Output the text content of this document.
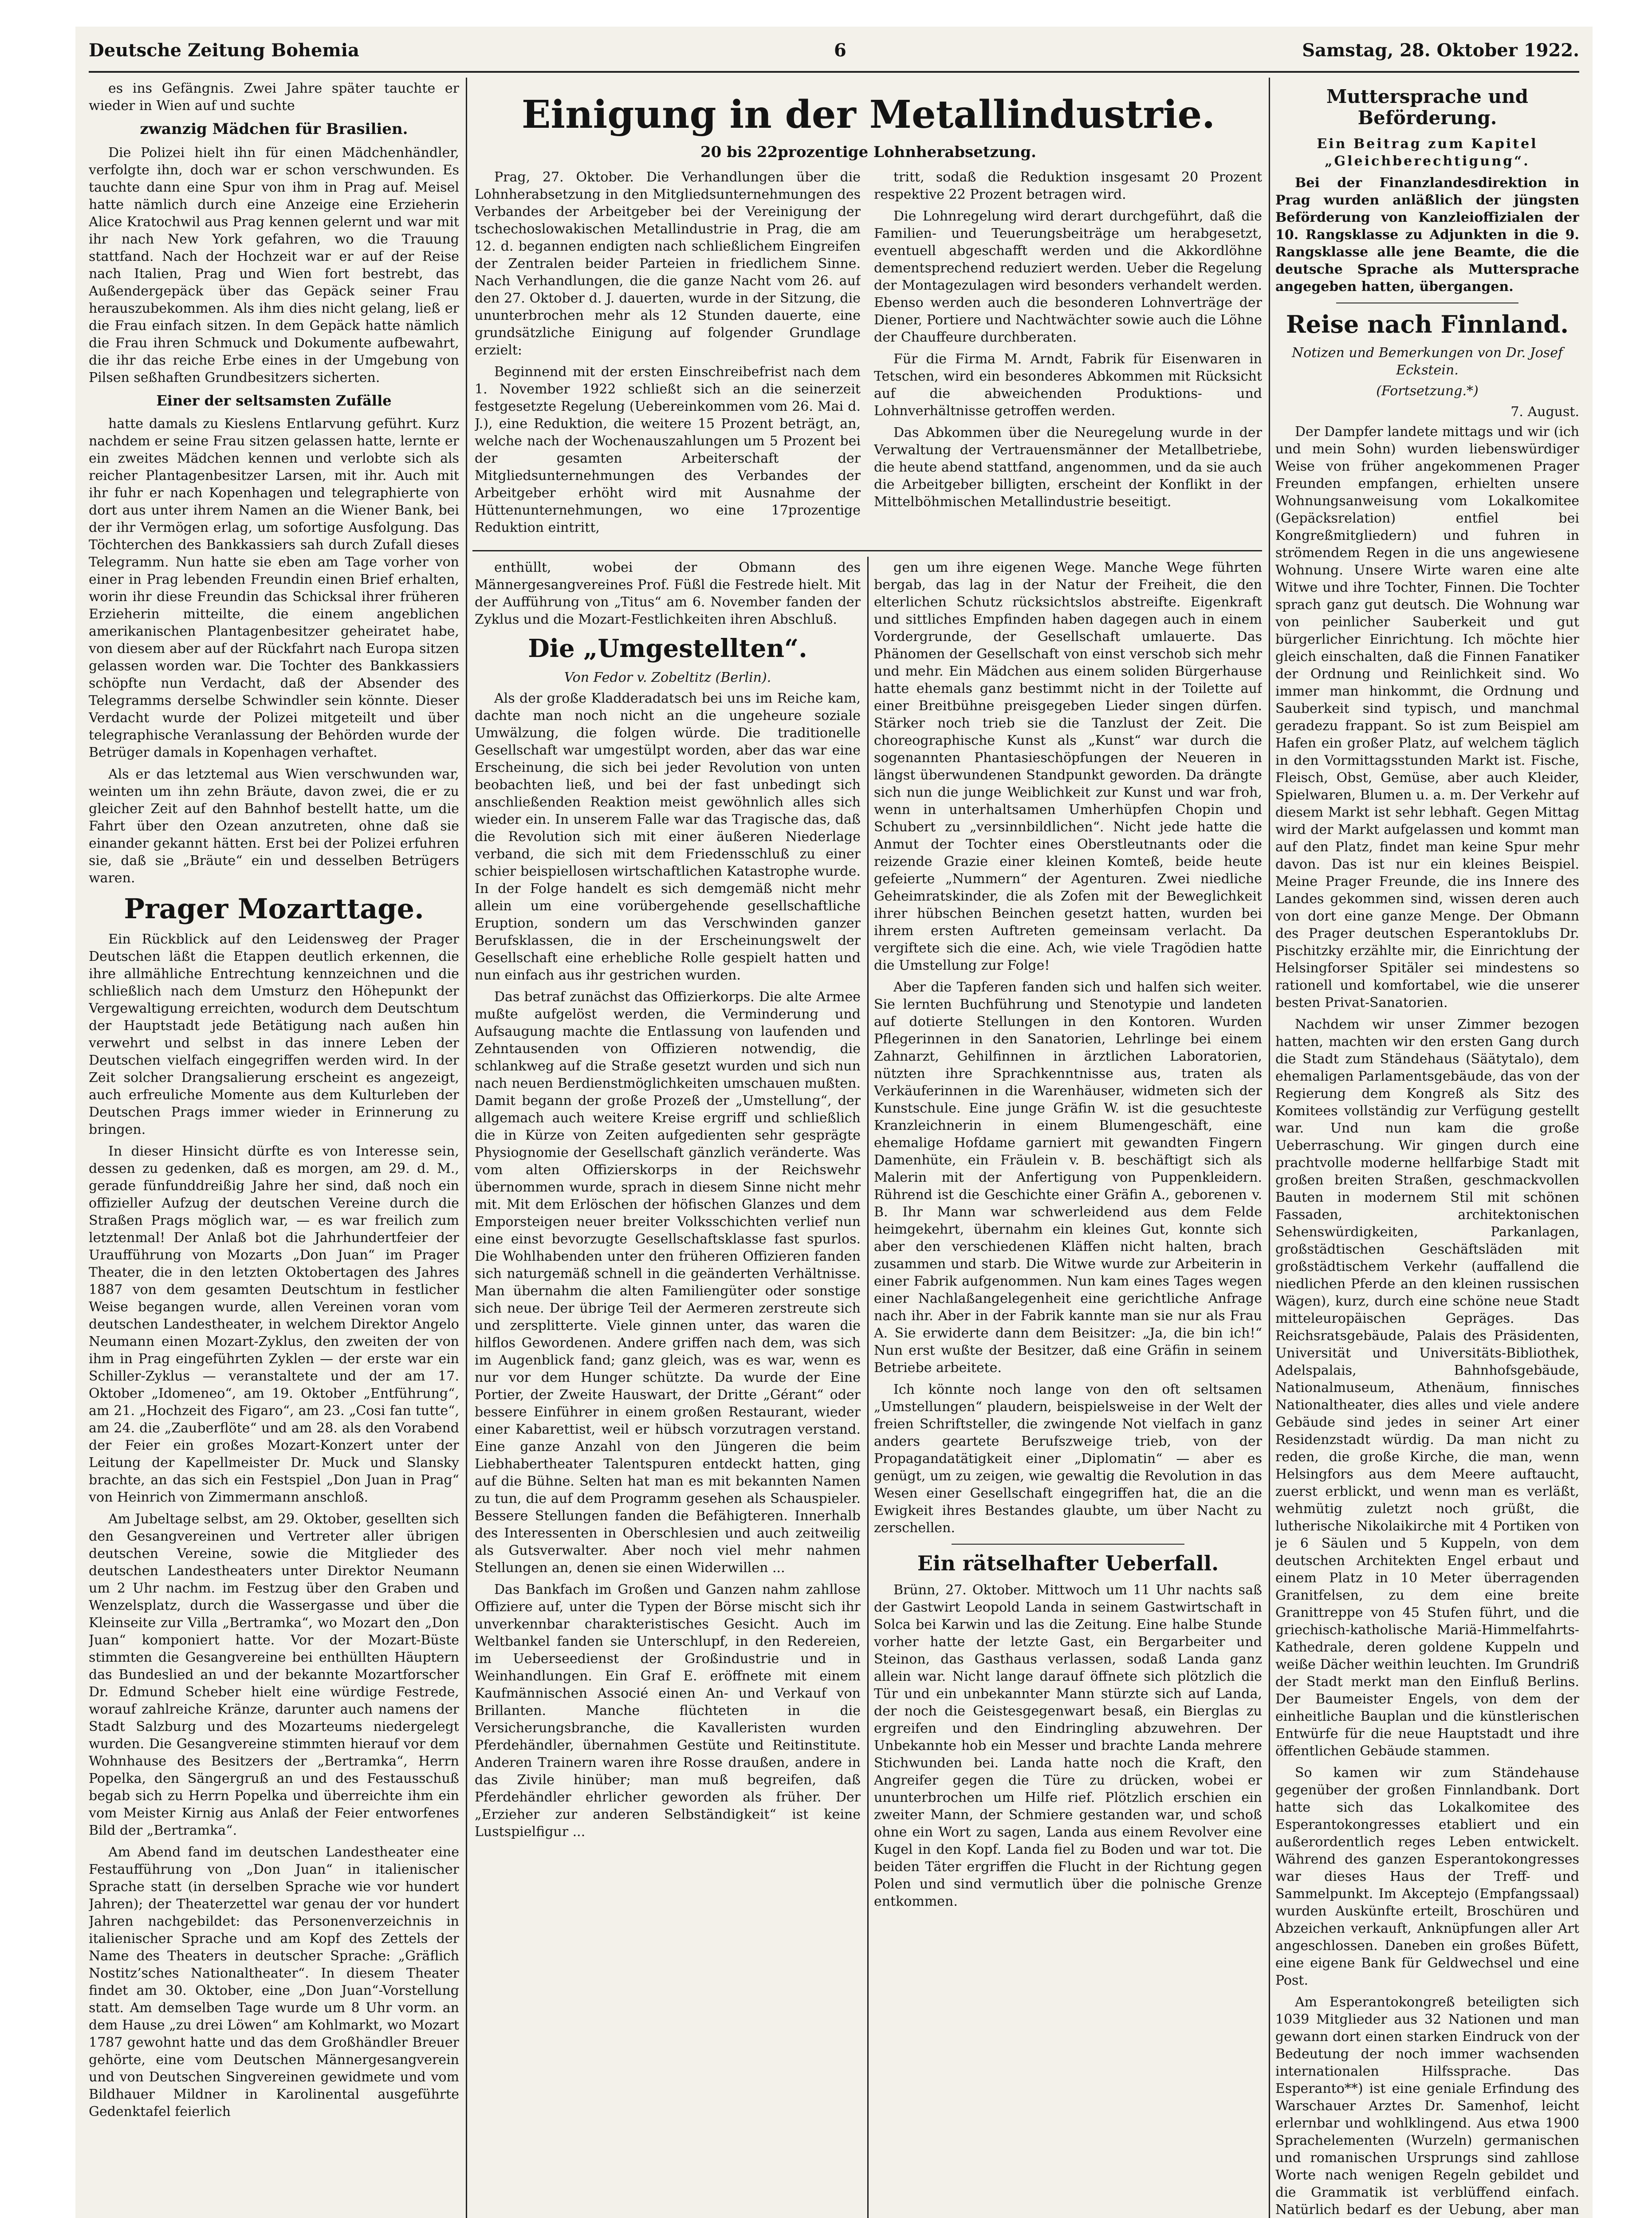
Deutsche Zeitung Bohemia	6	Samstag, 28. Oktober 1922.

es ins Gefängnis. Zwei Jahre später tauchte er wieder in Wien auf und suchte

zwanzig Mädchen für Brasilien.

Die Polizei hielt ihn für einen Mädchenhändler, verfolgte ihn, doch war er schon verschwunden. Es tauchte dann eine Spur von ihm in Prag auf. Meisel hatte nämlich durch eine Anzeige eine Erzieherin Alice Kratochwil aus Prag kennen gelernt und war mit ihr nach New York gefahren, wo die Trauung stattfand. Nach der Hochzeit war er auf der Reise nach Italien, Prag und Wien fort bestrebt, das Außendergepäck über das Gepäck seiner Frau herauszubekommen. Als ihm dies nicht gelang, ließ er die Frau einfach sitzen. In dem Gepäck hatte nämlich die Frau ihren Schmuck und Dokumente aufbewahrt, die ihr das reiche Erbe eines in der Umgebung von Pilsen seßhaften Grundbesitzers sicherten.

Einer der seltsamsten Zufälle

hatte damals zu Kieslens Entlarvung geführt. Kurz nachdem er seine Frau sitzen gelassen hatte, lernte er ein zweites Mädchen kennen und verlobte sich als reicher Plantagenbesitzer Larsen, mit ihr. Auch mit ihr fuhr er nach Kopenhagen und telegraphierte von dort aus unter ihrem Namen an die Wiener Bank, bei der ihr Vermögen erlag, um sofortige Ausfolgung. Das Töchterchen des Bankkassiers sah durch Zufall dieses Telegramm. Nun hatte sie eben am Tage vorher von einer in Prag lebenden Freundin einen Brief erhalten, worin ihr diese Freundin das Schicksal ihrer früheren Erzieherin mitteilte, die einem angeblichen amerikanischen Plantagenbesitzer geheiratet habe, von diesem aber auf der Rückfahrt nach Europa sitzen gelassen worden war. Die Tochter des Bankkassiers schöpfte nun Verdacht, daß der Absender des Telegramms derselbe Schwindler sein könnte. Dieser Verdacht wurde der Polizei mitgeteilt und über telegraphische Veranlassung der Behörden wurde der Betrüger damals in Kopenhagen verhaftet.

Als er das letztemal aus Wien verschwunden war, weinten um ihn zehn Bräute, davon zwei, die er zu gleicher Zeit auf den Bahnhof bestellt hatte, um die Fahrt über den Ozean anzutreten, ohne daß sie einander gekannt hätten. Erst bei der Polizei erfuhren sie, daß sie „Bräute“ ein und desselben Betrügers waren.

Prager Mozarttage.

Ein Rückblick auf den Leidensweg der Prager Deutschen läßt die Etappen deutlich erkennen, die ihre allmähliche Entrechtung kennzeichnen und die schließlich nach dem Umsturz den Höhepunkt der Vergewaltigung erreichten, wodurch dem Deutschtum der Hauptstadt jede Betätigung nach außen hin verwehrt und selbst in das innere Leben der Deutschen vielfach eingegriffen werden wird. In der Zeit solcher Drangsalierung erscheint es angezeigt, auch erfreuliche Momente aus dem Kulturleben der Deutschen Prags immer wieder in Erinnerung zu bringen.

In dieser Hinsicht dürfte es von Interesse sein, dessen zu gedenken, daß es morgen, am 29. d. M., gerade fünfunddreißig Jahre her sind, daß noch ein offizieller Aufzug der deutschen Vereine durch die Straßen Prags möglich war, — es war freilich zum letztenmal! Der Anlaß bot die Jahrhundertfeier der Uraufführung von Mozarts „Don Juan“ im Prager Theater, die in den letzten Oktobertagen des Jahres 1887 von dem gesamten Deutschtum in festlicher Weise begangen wurde, allen Vereinen voran vom deutschen Landestheater, in welchem Direktor Angelo Neumann einen Mozart-Zyklus, den zweiten der von ihm in Prag eingeführten Zyklen — der erste war ein Schiller-Zyklus — veranstaltete und der am 17. Oktober „Idomeneo“, am 19. Oktober „Entführung“, am 21. „Hochzeit des Figaro“, am 23. „Cosi fan tutte“, am 24. die „Zauberflöte“ und am 28. als den Vorabend der Feier ein großes Mozart-Konzert unter der Leitung der Kapellmeister Dr. Muck und Slansky brachte, an das sich ein Festspiel „Don Juan in Prag“ von Heinrich von Zimmermann anschloß.

Am Jubeltage selbst, am 29. Oktober, gesellten sich den Gesangvereinen und Vertreter aller übrigen deutschen Vereine, sowie die Mitglieder des deutschen Landestheaters unter Direktor Neumann um 2 Uhr nachm. im Festzug über den Graben und Wenzelsplatz, durch die Wassergasse und über die Kleinseite zur Villa „Bertramka“, wo Mozart den „Don Juan“ komponiert hatte. Vor der Mozart-Büste stimmten die Gesangvereine bei enthüllten Häuptern das Bundeslied an und der bekannte Mozartforscher Dr. Edmund Scheber hielt eine würdige Festrede, worauf zahlreiche Kränze, darunter auch namens der Stadt Salzburg und des Mozarteums niedergelegt wurden. Die Gesangvereine stimmten hierauf vor dem Wohnhause des Besitzers der „Bertramka“, Herrn Popelka, den Sängergruß an und des Festausschuß begab sich zu Herrn Popelka und überreichte ihm ein vom Meister Kirnig aus Anlaß der Feier entworfenes Bild der „Bertramka“.

Am Abend fand im deutschen Landestheater eine Festaufführung von „Don Juan“ in italienischer Sprache statt (in derselben Sprache wie vor hundert Jahren); der Theaterzettel war genau der vor hundert Jahren nachgebildet: das Personenverzeichnis in italienischer Sprache und am Kopf des Zettels der Name des Theaters in deutscher Sprache: „Gräflich Nostitz’sches Nationaltheater“. In diesem Theater findet am 30. Oktober, eine „Don Juan“-Vorstellung statt. Am demselben Tage wurde um 8 Uhr vorm. an dem Hause „zu drei Löwen“ am Kohlmarkt, wo Mozart 1787 gewohnt hatte und das dem Großhändler Breuer gehörte, eine vom Deutschen Männergesangverein und von Deutschen Singvereinen gewidmete und vom Bildhauer Mildner in Karolinental ausgeführte Gedenktafel feierlich

Einigung in der Metallindustrie.
20 bis 22prozentige Lohnherabsetzung.

Prag, 27. Oktober. Die Verhandlungen über die Lohnherabsetzung in den Mitgliedsunternehmungen des Verbandes der Arbeitgeber bei der Vereinigung der tschechoslowakischen Metallindustrie in Prag, die am 12. d. begannen endigten nach schließlichem Eingreifen der Zentralen beider Parteien in friedlichem Sinne. Nach Verhandlungen, die die ganze Nacht vom 26. auf den 27. Oktober d. J. dauerten, wurde in der Sitzung, die ununterbrochen mehr als 12 Stunden dauerte, eine grundsätzliche Einigung auf folgender Grundlage erzielt:

Beginnend mit der ersten Einschreibefrist nach dem 1. November 1922 schließt sich an die seinerzeit festgesetzte Regelung (Uebereinkommen vom 26. Mai d. J.), eine Reduktion, die weitere 15 Prozent beträgt, an, welche nach der Wochenauszahlungen um 5 Prozent bei der gesamten Arbeiterschaft der Mitgliedsunternehmungen des Verbandes der Arbeitgeber erhöht wird mit Ausnahme der Hüttenunternehmungen, wo eine 17prozentige Reduktion eintritt,

tritt, sodaß die Reduktion insgesamt 20 Prozent respektive 22 Prozent betragen wird.

Die Lohnregelung wird derart durchgeführt, daß die Familien- und Teuerungsbeiträge um herabgesetzt, eventuell abgeschafft werden und die Akkordlöhne dementsprechend reduziert werden. Ueber die Regelung der Montagezulagen wird besonders verhandelt werden. Ebenso werden auch die besonderen Lohnverträge der Diener, Portiere und Nachtwächter sowie auch die Löhne der Chauffeure durchberaten.

Für die Firma M. Arndt, Fabrik für Eisenwaren in Tetschen, wird ein besonderes Abkommen mit Rücksicht auf die abweichenden Produktions- und Lohnverhältnisse getroffen werden.

Das Abkommen über die Neuregelung wurde in der Verwaltung der Vertrauensmänner der Metallbetriebe, die heute abend stattfand, angenommen, und da sie auch die Arbeitgeber billigten, erscheint der Konflikt in der Mittelböhmischen Metallindustrie beseitigt.

enthüllt, wobei der Obmann des Männergesangvereines Prof. Füßl die Festrede hielt. Mit der Aufführung von „Titus“ am 6. November fanden der Zyklus und die Mozart-Festlichkeiten ihren Abschluß.

Die „Umgestellten“.
Von Fedor v. Zobeltitz (Berlin).

Als der große Kladderadatsch bei uns im Reiche kam, dachte man noch nicht an die ungeheure soziale Umwälzung, die folgen würde. Die traditionelle Gesellschaft war umgestülpt worden, aber das war eine Erscheinung, die sich bei jeder Revolution von unten beobachten ließ, und bei der fast unbedingt sich anschließenden Reaktion meist gewöhnlich alles sich wieder ein. In unserem Falle war das Tragische das, daß die Revolution sich mit einer äußeren Niederlage verband, die sich mit dem Friedensschluß zu einer schier beispiellosen wirtschaftlichen Katastrophe wurde. In der Folge handelt es sich demgemäß nicht mehr allein um eine vorübergehende gesellschaftliche Eruption, sondern um das Verschwinden ganzer Berufsklassen, die in der Erscheinungswelt der Gesellschaft eine erhebliche Rolle gespielt hatten und nun einfach aus ihr gestrichen wurden.

Das betraf zunächst das Offizierkorps. Die alte Armee mußte aufgelöst werden, die Verminderung und Aufsaugung machte die Entlassung von laufenden und Zehntausenden von Offizieren notwendig, die schlankweg auf die Straße gesetzt wurden und sich nun nach neuen Berdienstmöglichkeiten umschauen mußten. Damit begann der große Prozeß der „Umstellung“, der allgemach auch weitere Kreise ergriff und schließlich die in Kürze von Zeiten aufgedienten sehr gesprägte Physiognomie der Gesellschaft gänzlich veränderte. Was vom alten Offizierskorps in der Reichswehr übernommen wurde, sprach in diesem Sinne nicht mehr mit. Mit dem Erlöschen der höfischen Glanzes und dem Emporsteigen neuer breiter Volksschichten verlief nun eine einst bevorzugte Gesellschaftsklasse fast spurlos. Die Wohlhabenden unter den früheren Offizieren fanden sich naturgemäß schnell in die geänderten Verhältnisse. Man übernahm die alten Familiengüter oder sonstige sich neue. Der übrige Teil der Aermeren zerstreute sich und zersplitterte. Viele ginnen unter, das waren die hilflos Gewordenen. Andere griffen nach dem, was sich im Augenblick fand; ganz gleich, was es war, wenn es nur vor dem Hunger schützte. Da wurde der Eine Portier, der Zweite Hauswart, der Dritte „Gérant“ oder bessere Einführer in einem großen Restaurant, wieder einer Kabarettist, weil er hübsch vorzutragen verstand. Eine ganze Anzahl von den Jüngeren die beim Liebhabertheater Talentspuren entdeckt hatten, ging auf die Bühne. Selten hat man es mit bekannten Namen zu tun, die auf dem Programm gesehen als Schauspieler. Bessere Stellungen fanden die Befähigteren. Innerhalb des Interessenten in Oberschlesien und auch zeitweilig als Gutsverwalter. Aber noch viel mehr nahmen Stellungen an, denen sie einen Widerwillen ...

Das Bankfach im Großen und Ganzen nahm zahllose Offiziere auf, unter die Typen der Börse mischt sich ihr unverkennbar charakteristisches Gesicht. Auch im Weltbankel fanden sie Unterschlupf, in den Redereien, im Ueberseedienst der Großindustrie und in Weinhandlungen. Ein Graf E. eröffnete mit einem Kaufmännischen Associé einen An- und Verkauf von Brillanten. Manche flüchteten in die Versicherungsbranche, die Kavalleristen wurden Pferdehändler, übernahmen Gestüte und Reitinstitute. Anderen Trainern waren ihre Rosse draußen, andere in das Zivile hinüber; man muß begreifen, daß Pferdehändler ehrlicher geworden als früher. Der „Erzieher zur anderen Selbständigkeit“ ist keine Lustspielfigur ...

gen um ihre eigenen Wege. Manche Wege führten bergab, das lag in der Natur der Freiheit, die den elterlichen Schutz rücksichtslos abstreifte. Eigenkraft und sittliches Empfinden haben dagegen auch in einem Vordergrunde, der Gesellschaft umlauerte. Das Phänomen der Gesellschaft von einst verschob sich mehr und mehr. Ein Mädchen aus einem soliden Bürgerhause hatte ehemals ganz bestimmt nicht in der Toilette auf einer Breitbühne preisgegeben Lieder singen dürfen. Stärker noch trieb sie die Tanzlust der Zeit. Die choreographische Kunst als „Kunst“ war durch die sogenannten Phantasieschöpfungen der Neueren in längst überwundenen Standpunkt geworden. Da drängte sich nun die junge Weiblichkeit zur Kunst und war froh, wenn in unterhaltsamen Umherhüpfen Chopin und Schubert zu „versinnbildlichen“. Nicht jede hatte die Anmut der Tochter eines Oberstleutnants oder die reizende Grazie einer kleinen Komteß, beide heute gefeierte „Nummern“ der Agenturen. Zwei niedliche Geheimratskinder, die als Zofen mit der Beweglichkeit ihrer hübschen Beinchen gesetzt hatten, wurden bei ihrem ersten Auftreten gemeinsam verlacht. Da vergiftete sich die eine. Ach, wie viele Tragödien hatte die Umstellung zur Folge!

Aber die Tapferen fanden sich und halfen sich weiter. Sie lernten Buchführung und Stenotypie und landeten auf dotierte Stellungen in den Kontoren. Wurden Pflegerinnen in den Sanatorien, Lehrlinge bei einem Zahnarzt, Gehilfinnen in ärztlichen Laboratorien, nützten ihre Sprachkenntnisse aus, traten als Verkäuferinnen in die Warenhäuser, widmeten sich der Kunstschule. Eine junge Gräfin W. ist die gesuchteste Kranzleichnerin in einem Blumengeschäft, eine ehemalige Hofdame garniert mit gewandten Fingern Damenhüte, ein Fräulein v. B. beschäftigt sich als Malerin mit der Anfertigung von Puppenkleidern. Rührend ist die Geschichte einer Gräfin A., geborenen v. B. Ihr Mann war schwerleidend aus dem Felde heimgekehrt, übernahm ein kleines Gut, konnte sich aber den verschiedenen Kläffen nicht halten, brach zusammen und starb. Die Witwe wurde zur Arbeiterin in einer Fabrik aufgenommen. Nun kam eines Tages wegen einer Nachlaßangelegenheit eine gerichtliche Anfrage nach ihr. Aber in der Fabrik kannte man sie nur als Frau A. Sie erwiderte dann dem Beisitzer: „Ja, die bin ich!“ Nun erst wußte der Besitzer, daß eine Gräfin in seinem Betriebe arbeitete.

Ich könnte noch lange von den oft seltsamen „Umstellungen“ plaudern, beispielsweise in der Welt der freien Schriftsteller, die zwingende Not vielfach in ganz anders geartete Berufszweige trieb, von der Propagandatätigkeit einer „Diplomatin“ — aber es genügt, um zu zeigen, wie gewaltig die Revolution in das Wesen einer Gesellschaft eingegriffen hat, die an die Ewigkeit ihres Bestandes glaubte, um über Nacht zu zerschellen.

Ein rätselhafter Ueberfall.

Brünn, 27. Oktober. Mittwoch um 11 Uhr nachts saß der Gastwirt Leopold Landa in seinem Gastwirtschaft in Solca bei Karwin und las die Zeitung. Eine halbe Stunde vorher hatte der letzte Gast, ein Bergarbeiter und Steinon, das Gasthaus verlassen, sodaß Landa ganz allein war. Nicht lange darauf öffnete sich plötzlich die Tür und ein unbekannter Mann stürzte sich auf Landa, der noch die Geistesgegenwart besaß, ein Bierglas zu ergreifen und den Eindringling abzuwehren. Der Unbekannte hob ein Messer und brachte Landa mehrere Stichwunden bei. Landa hatte noch die Kraft, den Angreifer gegen die Türe zu drücken, wobei er ununterbrochen um Hilfe rief. Plötzlich erschien ein zweiter Mann, der Schmiere gestanden war, und schoß ohne ein Wort zu sagen, Landa aus einem Revolver eine Kugel in den Kopf. Landa fiel zu Boden und war tot. Die beiden Täter ergriffen die Flucht in der Richtung gegen Polen und sind vermutlich über die polnische Grenze entkommen.

Muttersprache und Beförderung.
Ein Beitrag zum Kapitel „Gleichberechtigung“.

Bei der Finanzlandesdirektion in Prag wurden anläßlich der jüngsten Beförderung von Kanzleioffizialen der 10. Rangsklasse zu Adjunkten in die 9. Rangsklasse alle jene Beamte, die die deutsche Sprache als Muttersprache angegeben hatten, übergangen.

Reise nach Finnland.
Notizen und Bemerkungen von Dr. Josef Eckstein.
(Fortsetzung.*)
7. August.

Der Dampfer landete mittags und wir (ich und mein Sohn) wurden liebenswürdiger Weise von früher angekommenen Prager Freunden empfangen, erhielten unsere Wohnungsanweisung vom Lokalkomitee (Gepäcksrelation) entfiel bei Kongreßmitgliedern) und fuhren in strömendem Regen in die uns angewiesene Wohnung. Unsere Wirte waren eine alte Witwe und ihre Tochter, Finnen. Die Tochter sprach ganz gut deutsch. Die Wohnung war von peinlicher Sauberkeit und gut bürgerlicher Einrichtung. Ich möchte hier gleich einschalten, daß die Finnen Fanatiker der Ordnung und Reinlichkeit sind. Wo immer man hinkommt, die Ordnung und Sauberkeit sind typisch, und manchmal geradezu frappant. So ist zum Beispiel am Hafen ein großer Platz, auf welchem täglich in den Vormittagsstunden Markt ist. Fische, Fleisch, Obst, Gemüse, aber auch Kleider, Spielwaren, Blumen u. a. m. Der Verkehr auf diesem Markt ist sehr lebhaft. Gegen Mittag wird der Markt aufgelassen und kommt man auf den Platz, findet man keine Spur mehr davon. Das ist nur ein kleines Beispiel. Meine Prager Freunde, die ins Innere des Landes gekommen sind, wissen deren auch von dort eine ganze Menge. Der Obmann des Prager deutschen Esperantoklubs Dr. Pischitzky erzählte mir, die Einrichtung der Helsingforser Spitäler sei mindestens so rationell und komfortabel, wie die unserer besten Privat-Sanatorien.

Nachdem wir unser Zimmer bezogen hatten, machten wir den ersten Gang durch die Stadt zum Ständehaus (Säätytalo), dem ehemaligen Parlamentsgebäude, das von der Regierung dem Kongreß als Sitz des Komitees vollständig zur Verfügung gestellt war. Und nun kam die große Ueberraschung. Wir gingen durch eine prachtvolle moderne hellfarbige Stadt mit großen breiten Straßen, geschmackvollen Bauten in modernem Stil mit schönen Fassaden, architektonischen Sehenswürdigkeiten, Parkanlagen, großstädtischen Geschäftsläden mit großstädtischem Verkehr (auffallend die niedlichen Pferde an den kleinen russischen Wägen), kurz, durch eine schöne neue Stadt mitteleuropäischen Gepräges. Das Reichsratsgebäude, Palais des Präsidenten, Universität und Universitäts-Bibliothek, Adelspalais, Bahnhofsgebäude, Nationalmuseum, Athenäum, finnisches Nationaltheater, dies alles und viele andere Gebäude sind jedes in seiner Art einer Residenzstadt würdig. Da man nicht zu reden, die große Kirche, die man, wenn Helsingfors aus dem Meere auftaucht, zuerst erblickt, und wenn man es verläßt, wehmütig zuletzt noch grüßt, die lutherische Nikolaikirche mit 4 Portiken von je 6 Säulen und 5 Kuppeln, von dem deutschen Architekten Engel erbaut und einem Platz in 10 Meter überragenden Granitfelsen, zu dem eine breite Granittreppe von 45 Stufen führt, und die griechisch-katholische Mariä-Himmelfahrts-Kathedrale, deren goldene Kuppeln und weiße Dächer weithin leuchten. Im Grundriß der Stadt merkt man den Einfluß Berlins. Der Baumeister Engels, von dem der einheitliche Bauplan und die künstlerischen Entwürfe für die neue Hauptstadt und ihre öffentlichen Gebäude stammen.

So kamen wir zum Ständehause gegenüber der großen Finnlandbank. Dort hatte sich das Lokalkomitee des Esperantokongresses etabliert und ein außerordentlich reges Leben entwickelt. Während des ganzen Esperantokongresses war dieses Haus der Treff- und Sammelpunkt. Im Akceptejo (Empfangssaal) wurden Auskünfte erteilt, Broschüren und Abzeichen verkauft, Anknüpfungen aller Art angeschlossen. Daneben ein großes Büfett, eine eigene Bank für Geldwechsel und eine Post.

Am Esperantokongreß beteiligten sich 1039 Mitglieder aus 32 Nationen und man gewann dort einen starken Eindruck von der Bedeutung der noch immer wachsenden internationalen Hilfssprache. Das Esperanto**) ist eine geniale Erfindung des Warschauer Arztes Dr. Samenhof, leicht erlernbar und wohlklingend. Aus etwa 1900 Sprachelementen (Wurzeln) germanischen und romanischen Ursprungs sind zahllose Worte nach wenigen Regeln gebildet und die Grammatik ist verblüffend einfach. Natürlich bedarf es der Uebung, aber man
